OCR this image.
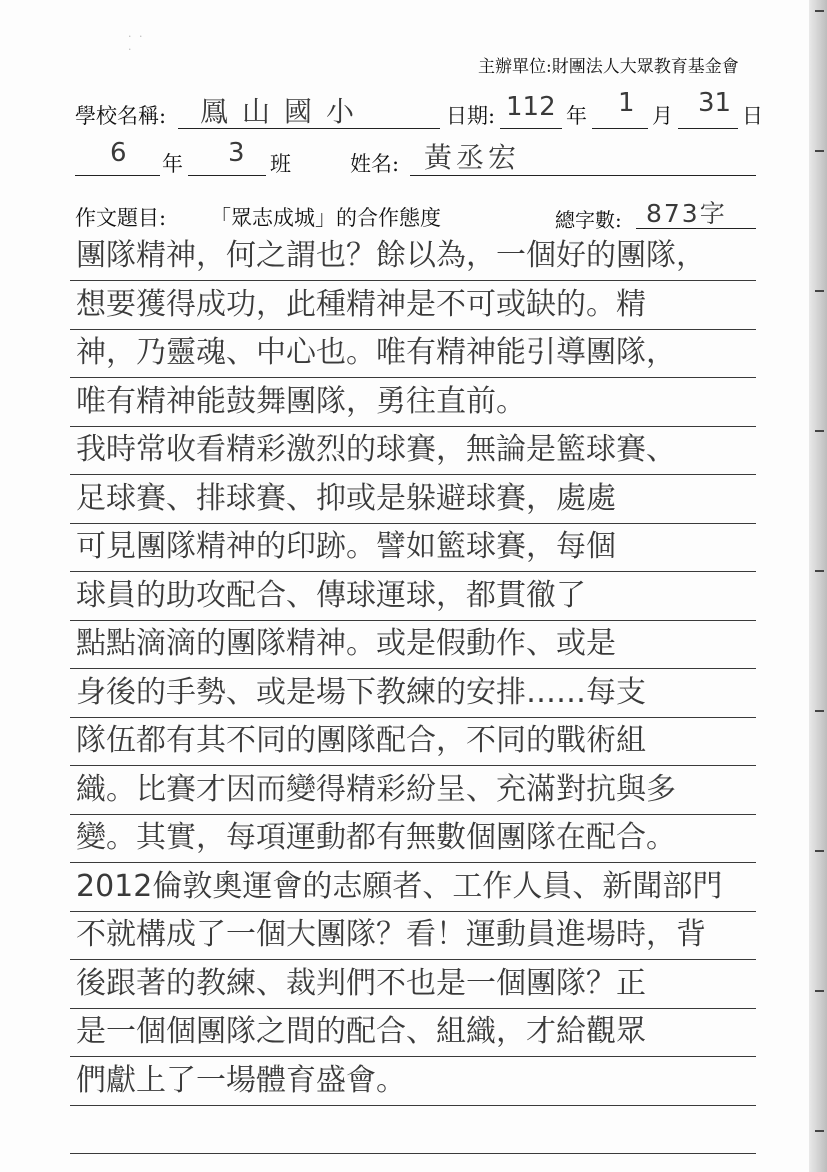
· · ·
主辦單位:財團法人大眾教育基金會
學校名稱: 鳳山國小	日期: 112 年 1 月 31 日
6 年 3 班	姓名: 黃丞宏
作文題目: 「眾志成城」的合作態度	總字數: 873字
團隊精神，何之謂也？餘以為，一個好的團隊，
想要獲得成功，此種精神是不可或缺的。精
神，乃靈魂、中心也。唯有精神能引導團隊，
唯有精神能鼓舞團隊，勇往直前。
我時常收看精彩激烈的球賽，無論是籃球賽、
足球賽、排球賽、抑或是躲避球賽，處處
可見團隊精神的印跡。譬如籃球賽，每個
球員的助攻配合、傳球運球，都貫徹了
點點滴滴的團隊精神。或是假動作、或是
身後的手勢、或是場下教練的安排……每支
隊伍都有其不同的團隊配合，不同的戰術組
織。比賽才因而變得精彩紛呈、充滿對抗與多
變。其實，每項運動都有無數個團隊在配合。
2012倫敦奧運會的志願者、工作人員、新聞部門
不就構成了一個大團隊？看！運動員進場時，背
後跟著的教練、裁判們不也是一個團隊？正
是一個個團隊之間的配合、組織，才給觀眾
們獻上了一場體育盛會。
